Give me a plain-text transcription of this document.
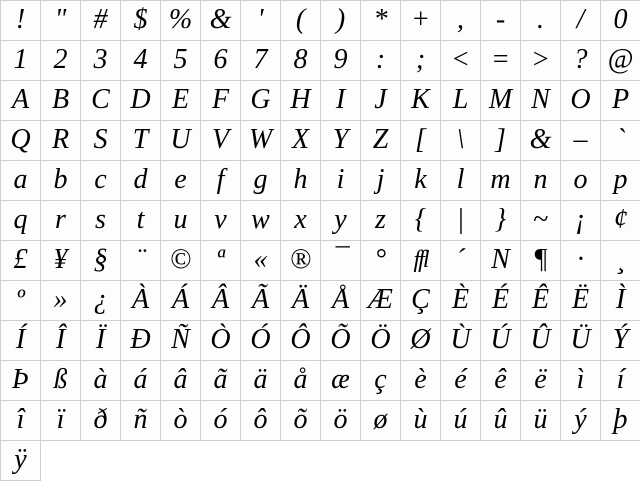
!	" # $ % & '	(	)	* + ,	-	.	/	0
1 2 3 4 5 6 7 8 9	:	; < = > ? @
A B C D E F G H I	J K L M N O P
Q R S T U V W X Y Z [	\	] & –	`
a b c d e	f	g h	i	j	k	l m n o p
q r	s	t	u v w x y	z	{	|	} ~ ¡ ¢
£ ¥ §	¨ © ª	« ® ¯ °	ffl	´ N ¶	·	¸
º	» ¿ À Á Â Ã Ä Å Æ Ç È É Ê Ë Ì
Í	Î	Ï Ð Ñ Ò Ó Ô Õ Ö Ø Ù Ú Û Ü Ý
Þ ß à á â ã ä å æ ç è é ê ë	ì	í
î	ï	ð ñ ò ó ô õ ö ø ù ú û ü ý þ
ÿ
